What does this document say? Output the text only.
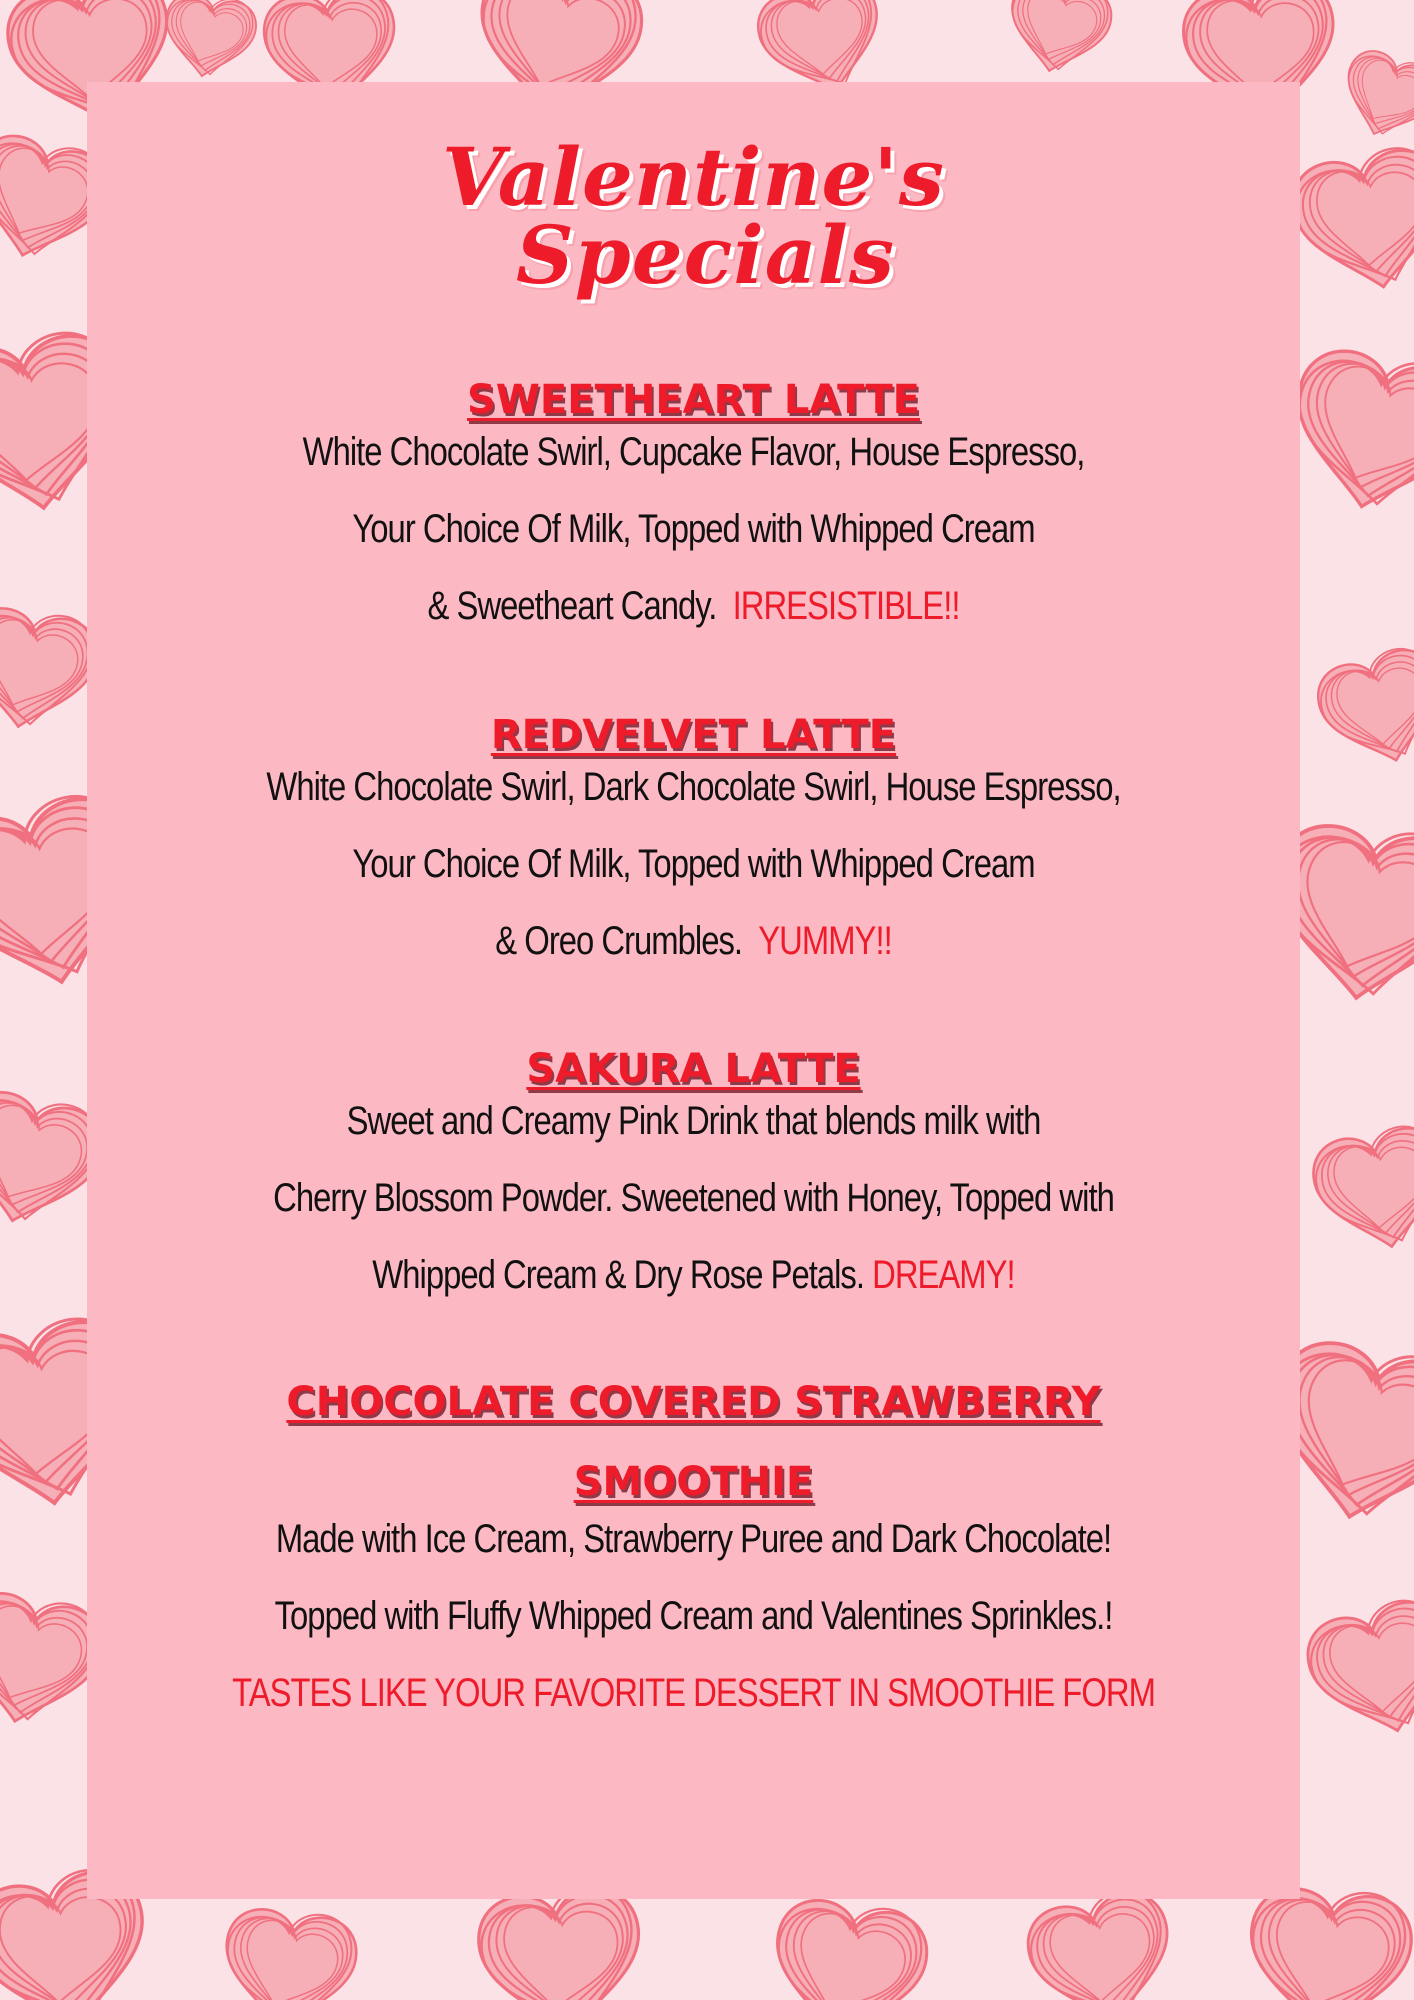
Valentine's
Specials
SWEETHEART LATTE
White Chocolate Swirl, Cupcake Flavor, House Espresso,
Your Choice Of Milk, Topped with Whipped Cream
& Sweetheart Candy. IRRESISTIBLE!!
REDVELVET LATTE
White Chocolate Swirl, Dark Chocolate Swirl, House Espresso,
Your Choice Of Milk, Topped with Whipped Cream
& Oreo Crumbles. YUMMY!!
SAKURA LATTE
Sweet and Creamy Pink Drink that blends milk with
Cherry Blossom Powder. Sweetened with Honey, Topped with
Whipped Cream & Dry Rose Petals. DREAMY!
CHOCOLATE COVERED STRAWBERRY
SMOOTHIE
Made with Ice Cream, Strawberry Puree and Dark Chocolate!
Topped with Fluffy Whipped Cream and Valentines Sprinkles.!
TASTES LIKE YOUR FAVORITE DESSERT IN SMOOTHIE FORM
